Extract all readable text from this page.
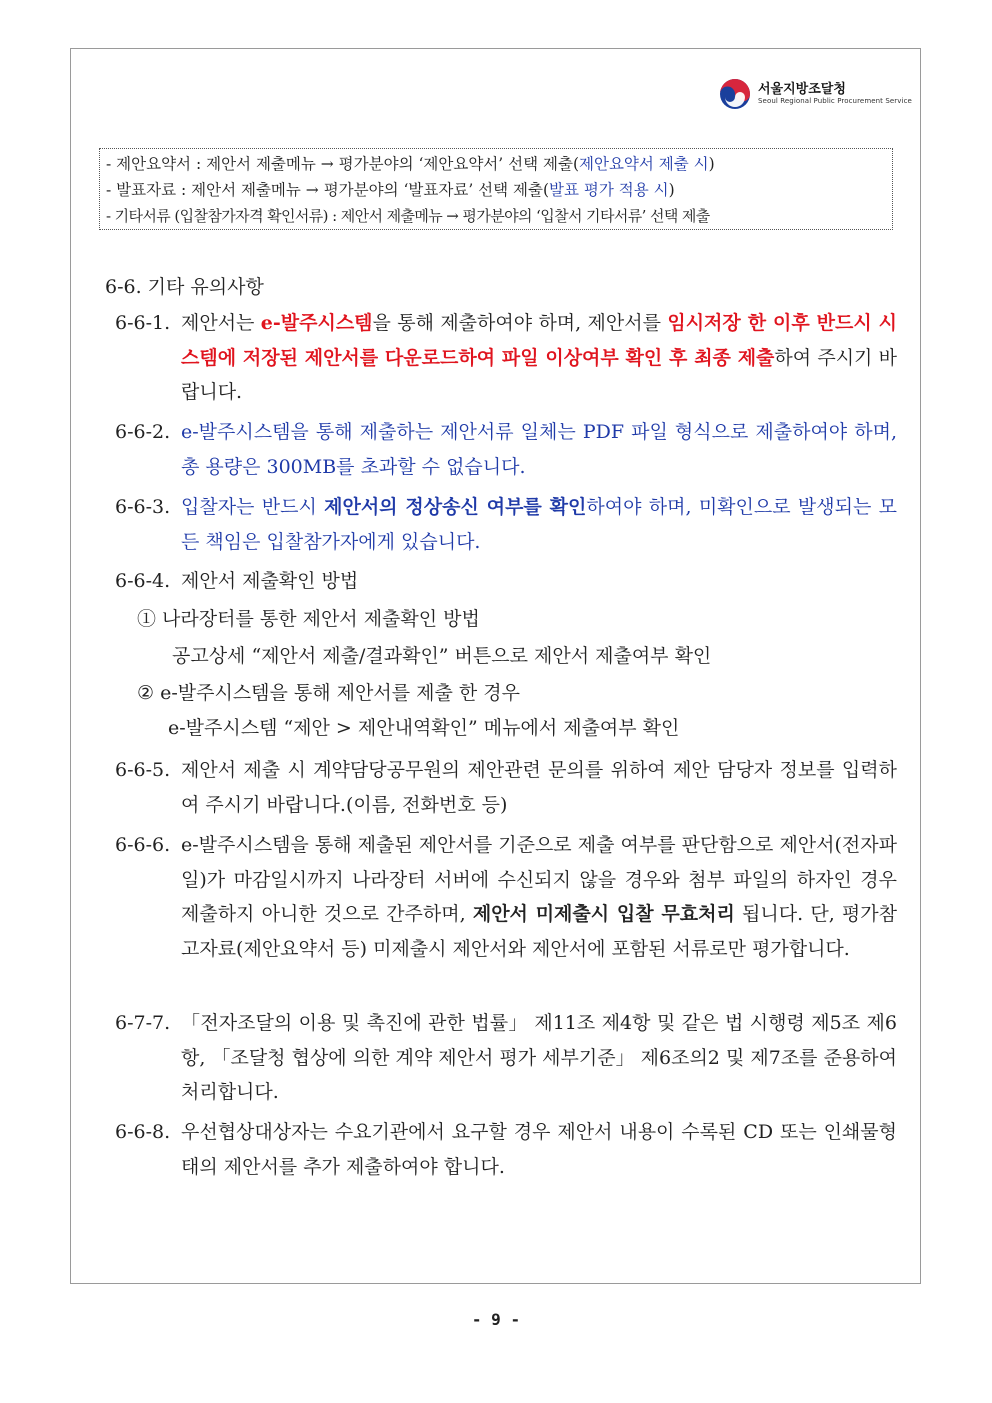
서울지방조달청
Seoul Regional Public Procurement Service
- 제안요약서 : 제안서 제출메뉴 → 평가분야의 ‘제안요약서’ 선택 제출(제안요약서 제출 시)
- 발표자료 : 제안서 제출메뉴 → 평가분야의 ‘발표자료’ 선택 제출(발표 평가 적용 시)
- 기타서류 (입찰참가자격 확인서류) : 제안서 제출메뉴 → 평가분야의 ‘입찰서 기타서류’ 선택 제출
6-6. 기타 유의사항
6-6-1. 제안서는 e-발주시스템을 통해 제출하여야 하며, 제안서를 임시저장 한 이후 반드시 시스템에 저장된 제안서를 다운로드하여 파일 이상여부 확인 후 최종 제출하여 주시기 바랍니다.
6-6-2. e-발주시스템을 통해 제출하는 제안서류 일체는 PDF 파일 형식으로 제출하여야 하며, 총 용량은 300MB를 초과할 수 없습니다.
6-6-3. 입찰자는 반드시 제안서의 정상송신 여부를 확인하여야 하며, 미확인으로 발생되는 모든 책임은 입찰참가자에게 있습니다.
6-6-4. 제안서 제출확인 방법
① 나라장터를 통한 제안서 제출확인 방법
공고상세 “제안서 제출/결과확인” 버튼으로 제안서 제출여부 확인
② e-발주시스템을 통해 제안서를 제출 한 경우
e-발주시스템 “제안 > 제안내역확인” 메뉴에서 제출여부 확인
6-6-5. 제안서 제출 시 계약담당공무원의 제안관련 문의를 위하여 제안 담당자 정보를 입력하여 주시기 바랍니다.(이름, 전화번호 등)
6-6-6. e-발주시스템을 통해 제출된 제안서를 기준으로 제출 여부를 판단함으로 제안서(전자파일)가 마감일시까지 나라장터 서버에 수신되지 않을 경우와 첨부 파일의 하자인 경우 제출하지 아니한 것으로 간주하며, 제안서 미제출시 입찰 무효처리 됩니다. 단, 평가참고자료(제안요약서 등) 미제출시 제안서와 제안서에 포함된 서류로만 평가합니다.
6-7-7. 「전자조달의 이용 및 촉진에 관한 법률」 제11조 제4항 및 같은 법 시행령 제5조 제6항, 「조달청 협상에 의한 계약 제안서 평가 세부기준」 제6조의2 및 제7조를 준용하여 처리합니다.
6-6-8. 우선협상대상자는 수요기관에서 요구할 경우 제안서 내용이 수록된 CD 또는 인쇄물형태의 제안서를 추가 제출하여야 합니다.
- 9 -
